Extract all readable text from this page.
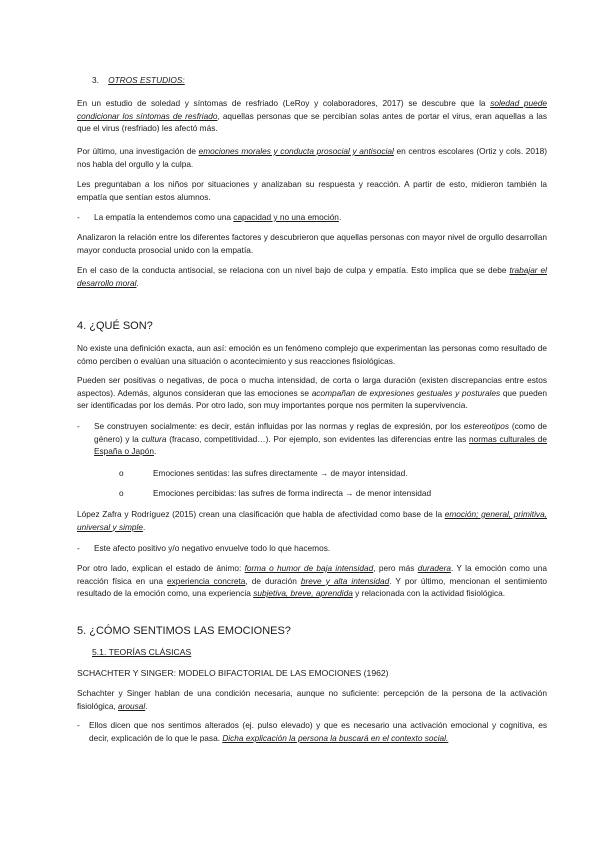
3. OTROS ESTUDIOS:

En un estudio de soledad y síntomas de resfriado (LeRoy y colaboradores, 2017) se descubre que la soledad puede condicionar los síntomas de resfriado, aquellas personas que se percibían solas antes de portar el virus, eran aquellas a las que el virus (resfriado) les afectó más.

Por último, una investigación de emociones morales y conducta prosocial y antisocial en centros escolares (Ortiz y cols. 2018) nos habla del orgullo y la culpa.

Les preguntaban a los niños por situaciones y analizaban su respuesta y reacción. A partir de esto, midieron también la empatía que sentían estos alumnos.

- La empatía la entendemos como una capacidad y no una emoción.

Analizaron la relación entre los diferentes factores y descubrieron que aquellas personas con mayor nivel de orgullo desarrollan mayor conducta prosocial unido con la empatía.

En el caso de la conducta antisocial, se relaciona con un nivel bajo de culpa y empatía. Esto implica que se debe trabajar el desarrollo moral.

4. ¿QUÉ SON?

No existe una definición exacta, aun así: emoción es un fenómeno complejo que experimentan las personas como resultado de cómo perciben o evalúan una situación o acontecimiento y sus reacciones fisiológicas.

Pueden ser positivas o negativas, de poca o mucha intensidad, de corta o larga duración (existen discrepancias entre estos aspectos). Además, algunos consideran que las emociones se acompañan de expresiones gestuales y posturales que pueden ser identificadas por los demás. Por otro lado, son muy importantes porque nos permiten la supervivencia.

- Se construyen socialmente: es decir, están influidas por las normas y reglas de expresión, por los estereotipos (como de género) y la cultura (fracaso, competitividad…). Por ejemplo, son evidentes las diferencias entre las normas culturales de España o Japón.

o	Emociones sentidas: las sufres directamente → de mayor intensidad.

o	Emociones percibidas: las sufres de forma indirecta → de menor intensidad

López Zafra y Rodríguez (2015) crean una clasificación que habla de afectividad como base de la emoción; general, primitiva, universal y simple.

- Este afecto positivo y/o negativo envuelve todo lo que hacemos.

Por otro lado, explican el estado de ánimo: forma o humor de baja intensidad, pero más duradera. Y la emoción como una reacción física en una experiencia concreta, de duración breve y alta intensidad. Y por último, mencionan el sentimiento resultado de la emoción como, una experiencia subjetiva, breve, aprendida y relacionada con la actividad fisiológica.

5. ¿CÓMO SENTIMOS LAS EMOCIONES?

5.1. TEORÍAS CLÁSICAS

SCHACHTER Y SINGER: MODELO BIFACTORIAL DE LAS EMOCIONES (1962)

Schachter y Singer hablan de una condición necesaria, aunque no suficiente: percepción de la persona de la activación fisiológica, arousal.

- Ellos dicen que nos sentimos alterados (ej. pulso elevado) y que es necesario una activación emocional y cognitiva, es decir, explicación de lo que le pasa. Dicha explicación la persona la buscará en el contexto social.
